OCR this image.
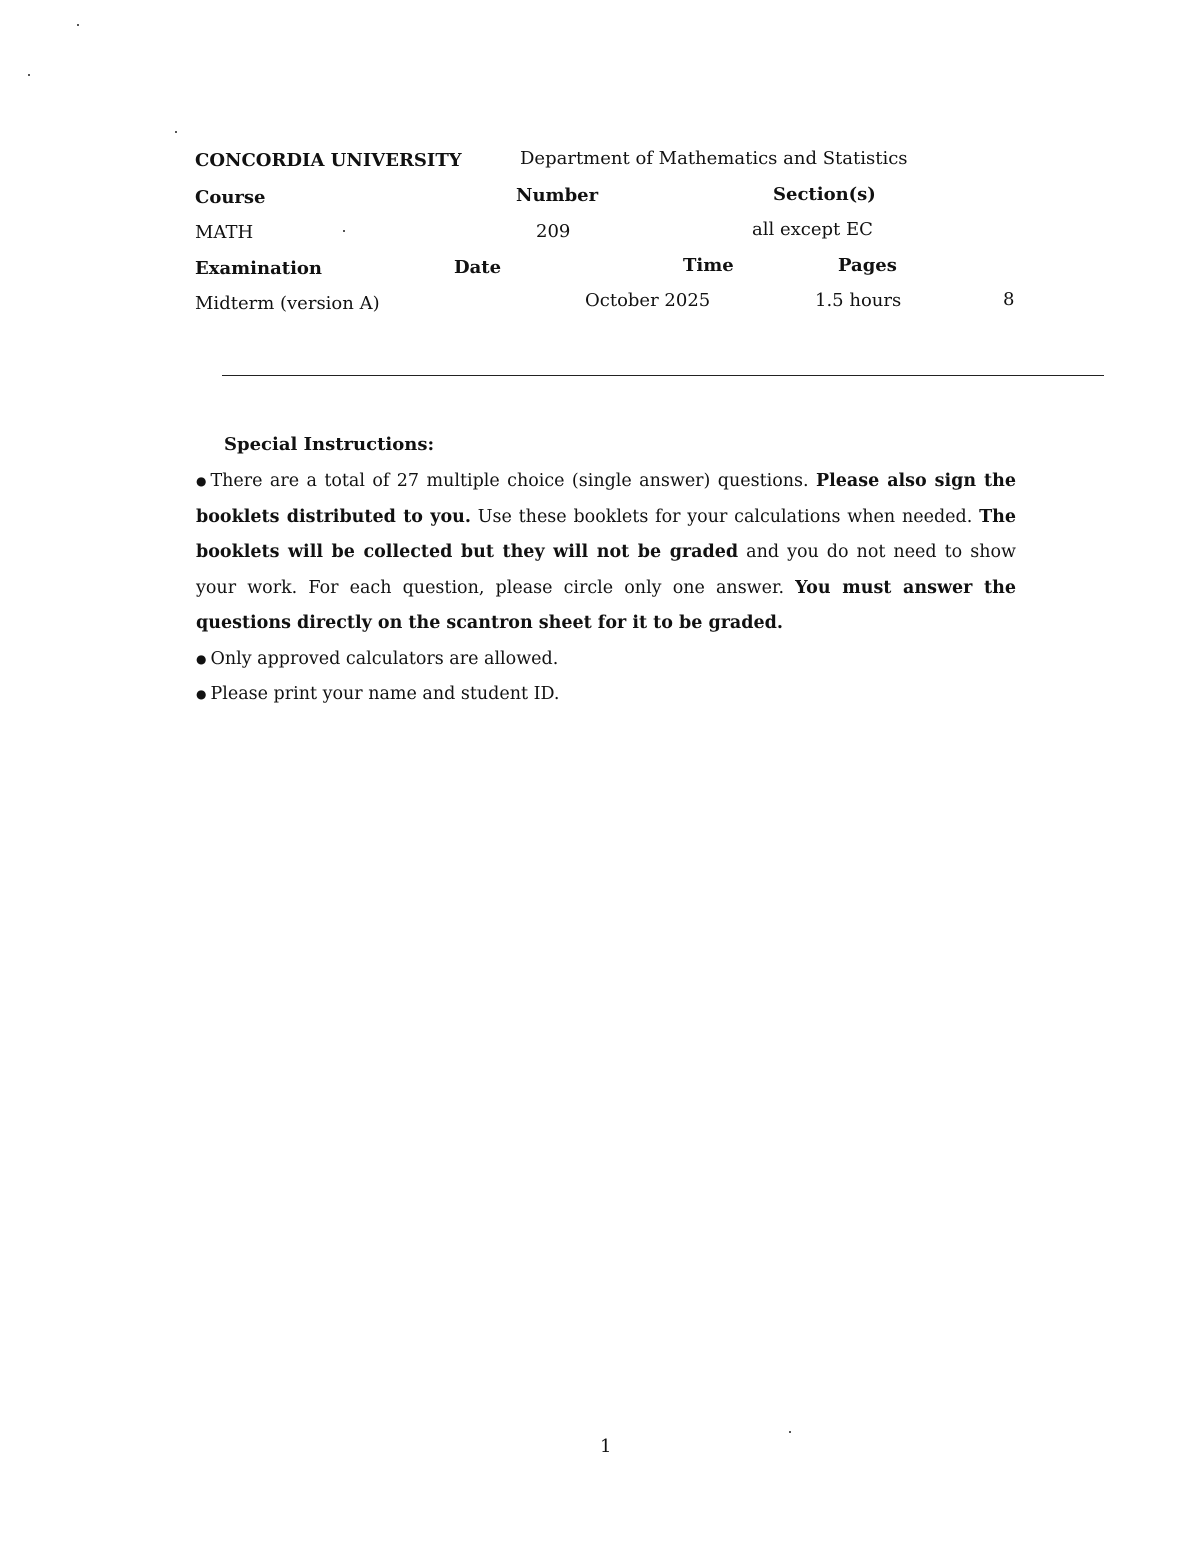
CONCORDIA UNIVERSITY	Department of Mathematics and Statistics
Course	Number	Section(s)
MATH	209	all except EC
Examination	Date	Time	Pages
Midterm (version A)	October 2025	1.5 hours	8
Special Instructions:

● There are a total of 27 multiple choice (single answer) questions. Please also sign the booklets distributed to you. Use these booklets for your calculations when needed. The booklets will be collected but they will not be graded and you do not need to show your work. For each question, please circle only one answer. You must answer the questions directly on the scantron sheet for it to be graded.

● Only approved calculators are allowed.

● Please print your name and student ID.

1
